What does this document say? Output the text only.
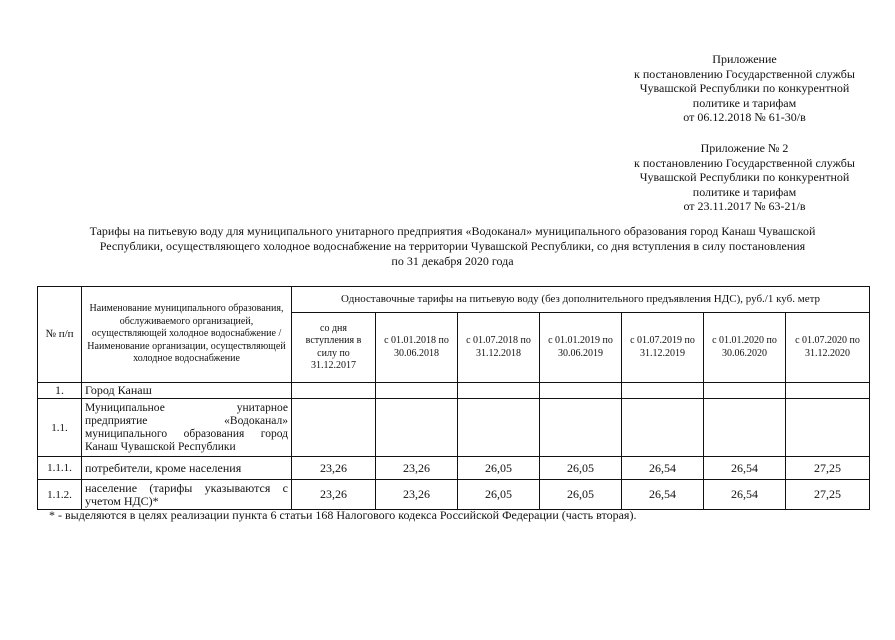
Приложение
к постановлению Государственной службы
Чувашской Республики по конкурентной
политике и тарифам
от 06.12.2018 № 61-30/в
Приложение № 2
к постановлению Государственной службы
Чувашской Республики по конкурентной
политике и тарифам
от 23.11.2017 № 63-21/в
Тарифы на питьевую воду для муниципального унитарного предприятия «Водоканал» муниципального образования город Канаш Чувашской
Республики, осуществляющего холодное водоснабжение на территории Чувашской Республики, со дня вступления в силу постановления
по 31 декабря 2020 года
№ п/п	Наименование муниципального образования, обслуживаемого организацией, осуществляющей холодное водоснабжение / Наименование организации, осуществляющей холодное водоснабжение	Одноставочные тарифы на питьевую воду (без дополнительного предъявления НДС), руб./1 куб. метр						
		со дня вступления в силу по 31.12.2017	с 01.01.2018 по 30.06.2018	с 01.07.2018 по 31.12.2018	с 01.01.2019 по 30.06.2019	с 01.07.2019 по 31.12.2019	с 01.01.2020 по 30.06.2020	с 01.07.2020 по 31.12.2020
1.	Город Канаш							
1.1.	Муниципальное унитарное
предприятие «Водоканал»
муниципального образования город
Канаш Чувашской Республики							

1.1.1.	потребители, кроме населения	23,26	23,26	26,05	26,05	26,54	26,54	27,25
1.1.2.	население (тарифы указываются с
учетом НДС)*	23,26	23,26	26,05	26,05	26,54	26,54	27,25
* - выделяются в целях реализации пункта 6 статьи 168 Налогового кодекса Российской Федерации (часть вторая).
